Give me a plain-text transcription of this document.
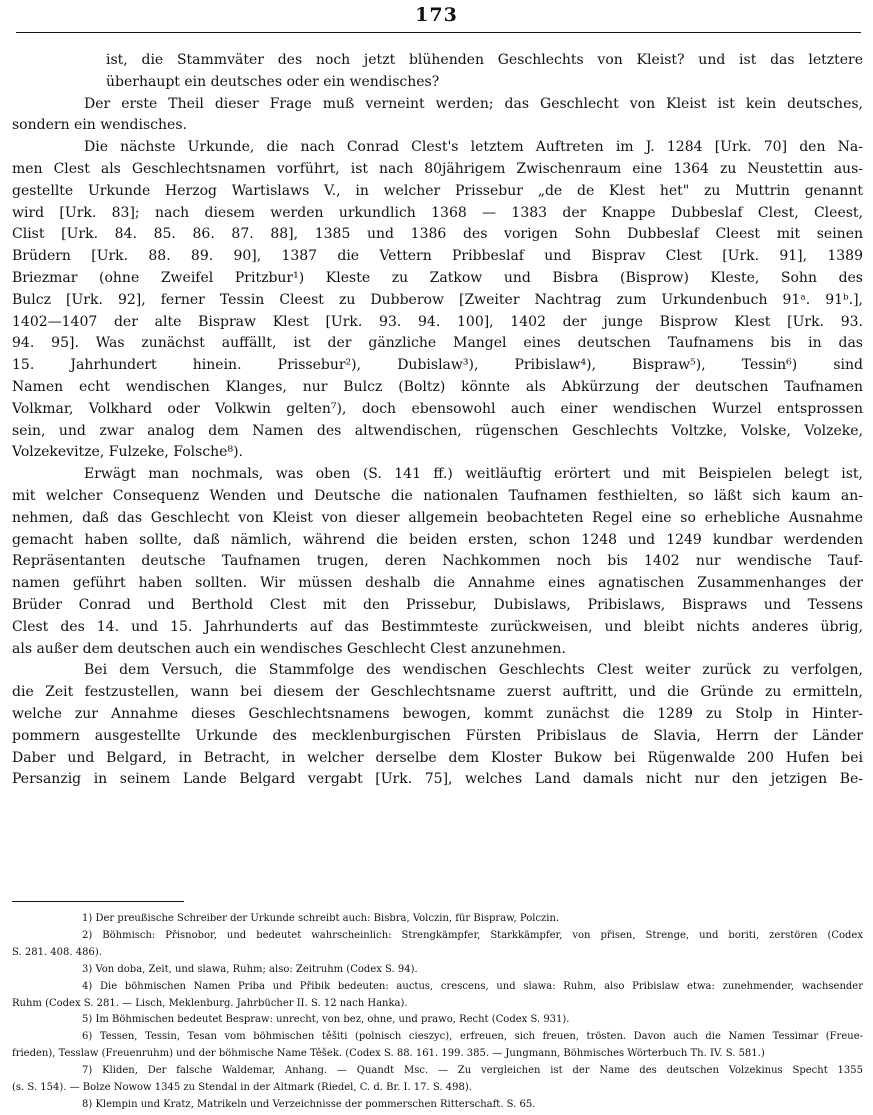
173
ist, die Stammväter des noch jetzt blühenden Geschlechts von Kleist? und ist das letztere
überhaupt ein deutsches oder ein wendisches?
Der erste Theil dieser Frage muß verneint werden; das Geschlecht von Kleist ist kein deutsches,
sondern ein wendisches.
Die nächste Urkunde, die nach Conrad Clest's letztem Auftreten im J. 1284 [Urk. 70] den Na-
men Clest als Geschlechtsnamen vorführt, ist nach 80jährigem Zwischenraum eine 1364 zu Neustettin aus-
gestellte Urkunde Herzog Wartislaws V., in welcher Prissebur „de de Klest het" zu Muttrin genannt
wird [Urk. 83]; nach diesem werden urkundlich 1368 — 1383 der Knappe Dubbeslaf Clest, Cleest,
Clist [Urk. 84. 85. 86. 87. 88], 1385 und 1386 des vorigen Sohn Dubbeslaf Cleest mit seinen
Brüdern [Urk. 88. 89. 90], 1387 die Vettern Pribbeslaf und Bisprav Clest [Urk. 91], 1389
Briezmar (ohne Zweifel Pritzbur¹) Kleste zu Zatkow und Bisbra (Bisprow) Kleste, Sohn des
Bulcz [Urk. 92], ferner Tessin Cleest zu Dubberow [Zweiter Nachtrag zum Urkundenbuch 91ᵃ. 91ᵇ.],
1402—1407 der alte Bispraw Klest [Urk. 93. 94. 100], 1402 der junge Bisprow Klest [Urk. 93.
94. 95]. Was zunächst auffällt, ist der gänzliche Mangel eines deutschen Taufnamens bis in das
15. Jahrhundert hinein. Prissebur²), Dubislaw³), Pribislaw⁴), Bispraw⁵), Tessin⁶) sind
Namen echt wendischen Klanges, nur Bulcz (Boltz) könnte als Abkürzung der deutschen Taufnamen
Volkmar, Volkhard oder Volkwin gelten⁷), doch ebensowohl auch einer wendischen Wurzel entsprossen
sein, und zwar analog dem Namen des altwendischen, rügenschen Geschlechts Voltzke, Volske, Volzeke,
Volzekevitze, Fulzeke, Folsche⁸).
Erwägt man nochmals, was oben (S. 141 ff.) weitläuftig erörtert und mit Beispielen belegt ist,
mit welcher Consequenz Wenden und Deutsche die nationalen Taufnamen festhielten, so läßt sich kaum an-
nehmen, daß das Geschlecht von Kleist von dieser allgemein beobachteten Regel eine so erhebliche Ausnahme
gemacht haben sollte, daß nämlich, während die beiden ersten, schon 1248 und 1249 kundbar werdenden
Repräsentanten deutsche Taufnamen trugen, deren Nachkommen noch bis 1402 nur wendische Tauf-
namen geführt haben sollten. Wir müssen deshalb die Annahme eines agnatischen Zusammenhanges der
Brüder Conrad und Berthold Clest mit den Prissebur, Dubislaws, Pribislaws, Bispraws und Tessens
Clest des 14. und 15. Jahrhunderts auf das Bestimmteste zurückweisen, und bleibt nichts anderes übrig,
als außer dem deutschen auch ein wendisches Geschlecht Clest anzunehmen.
Bei dem Versuch, die Stammfolge des wendischen Geschlechts Clest weiter zurück zu verfolgen,
die Zeit festzustellen, wann bei diesem der Geschlechtsname zuerst auftritt, und die Gründe zu ermitteln,
welche zur Annahme dieses Geschlechtsnamens bewogen, kommt zunächst die 1289 zu Stolp in Hinter-
pommern ausgestellte Urkunde des mecklenburgischen Fürsten Pribislaus de Slavia, Herrn der Länder
Daber und Belgard, in Betracht, in welcher derselbe dem Kloster Bukow bei Rügenwalde 200 Hufen bei
Persanzig in seinem Lande Belgard vergabt [Urk. 75], welches Land damals nicht nur den jetzigen Be-
1) Der preußische Schreiber der Urkunde schreibt auch: Bisbra, Volczin, für Bispraw, Polczin.
2) Böhmisch: Přisnobor, und bedeutet wahrscheinlich: Strengkämpfer, Starkkämpfer, von přisen, Strenge, und boriti, zerstören (Codex
S. 281. 408. 486).
3) Von doba, Zeit, und slawa, Ruhm; also: Zeitruhm (Codex S. 94).
4) Die böhmischen Namen Priba und Přibik bedeuten: auctus, crescens, und slawa: Ruhm, also Pribislaw etwa: zunehmender, wachsender
Ruhm (Codex S. 281. — Lisch, Meklenburg. Jahrbücher II. S. 12 nach Hanka).
5) Im Böhmischen bedeutet Bespraw: unrecht, von bez, ohne, und prawo, Recht (Codex S. 931).
6) Tessen, Tessin, Tesan vom böhmischen těšiti (polnisch cieszyc), erfreuen, sich freuen, trösten. Davon auch die Namen Tessimar (Freue-
frieden), Tesslaw (Freuenruhm) und der böhmische Name Těšek. (Codex S. 88. 161. 199. 385. — Jungmann, Böhmisches Wörterbuch Th. IV. S. 581.)
7) Kliden, Der falsche Waldemar, Anhang. — Quandt Msc. — Zu vergleichen ist der Name des deutschen Volzekinus Specht 1355
(s. S. 154). — Bolze Nowow 1345 zu Stendal in der Altmark (Riedel, C. d. Br. I. 17. S. 498).
8) Klempin und Kratz, Matrikeln und Verzeichnisse der pommerschen Ritterschaft. S. 65.
